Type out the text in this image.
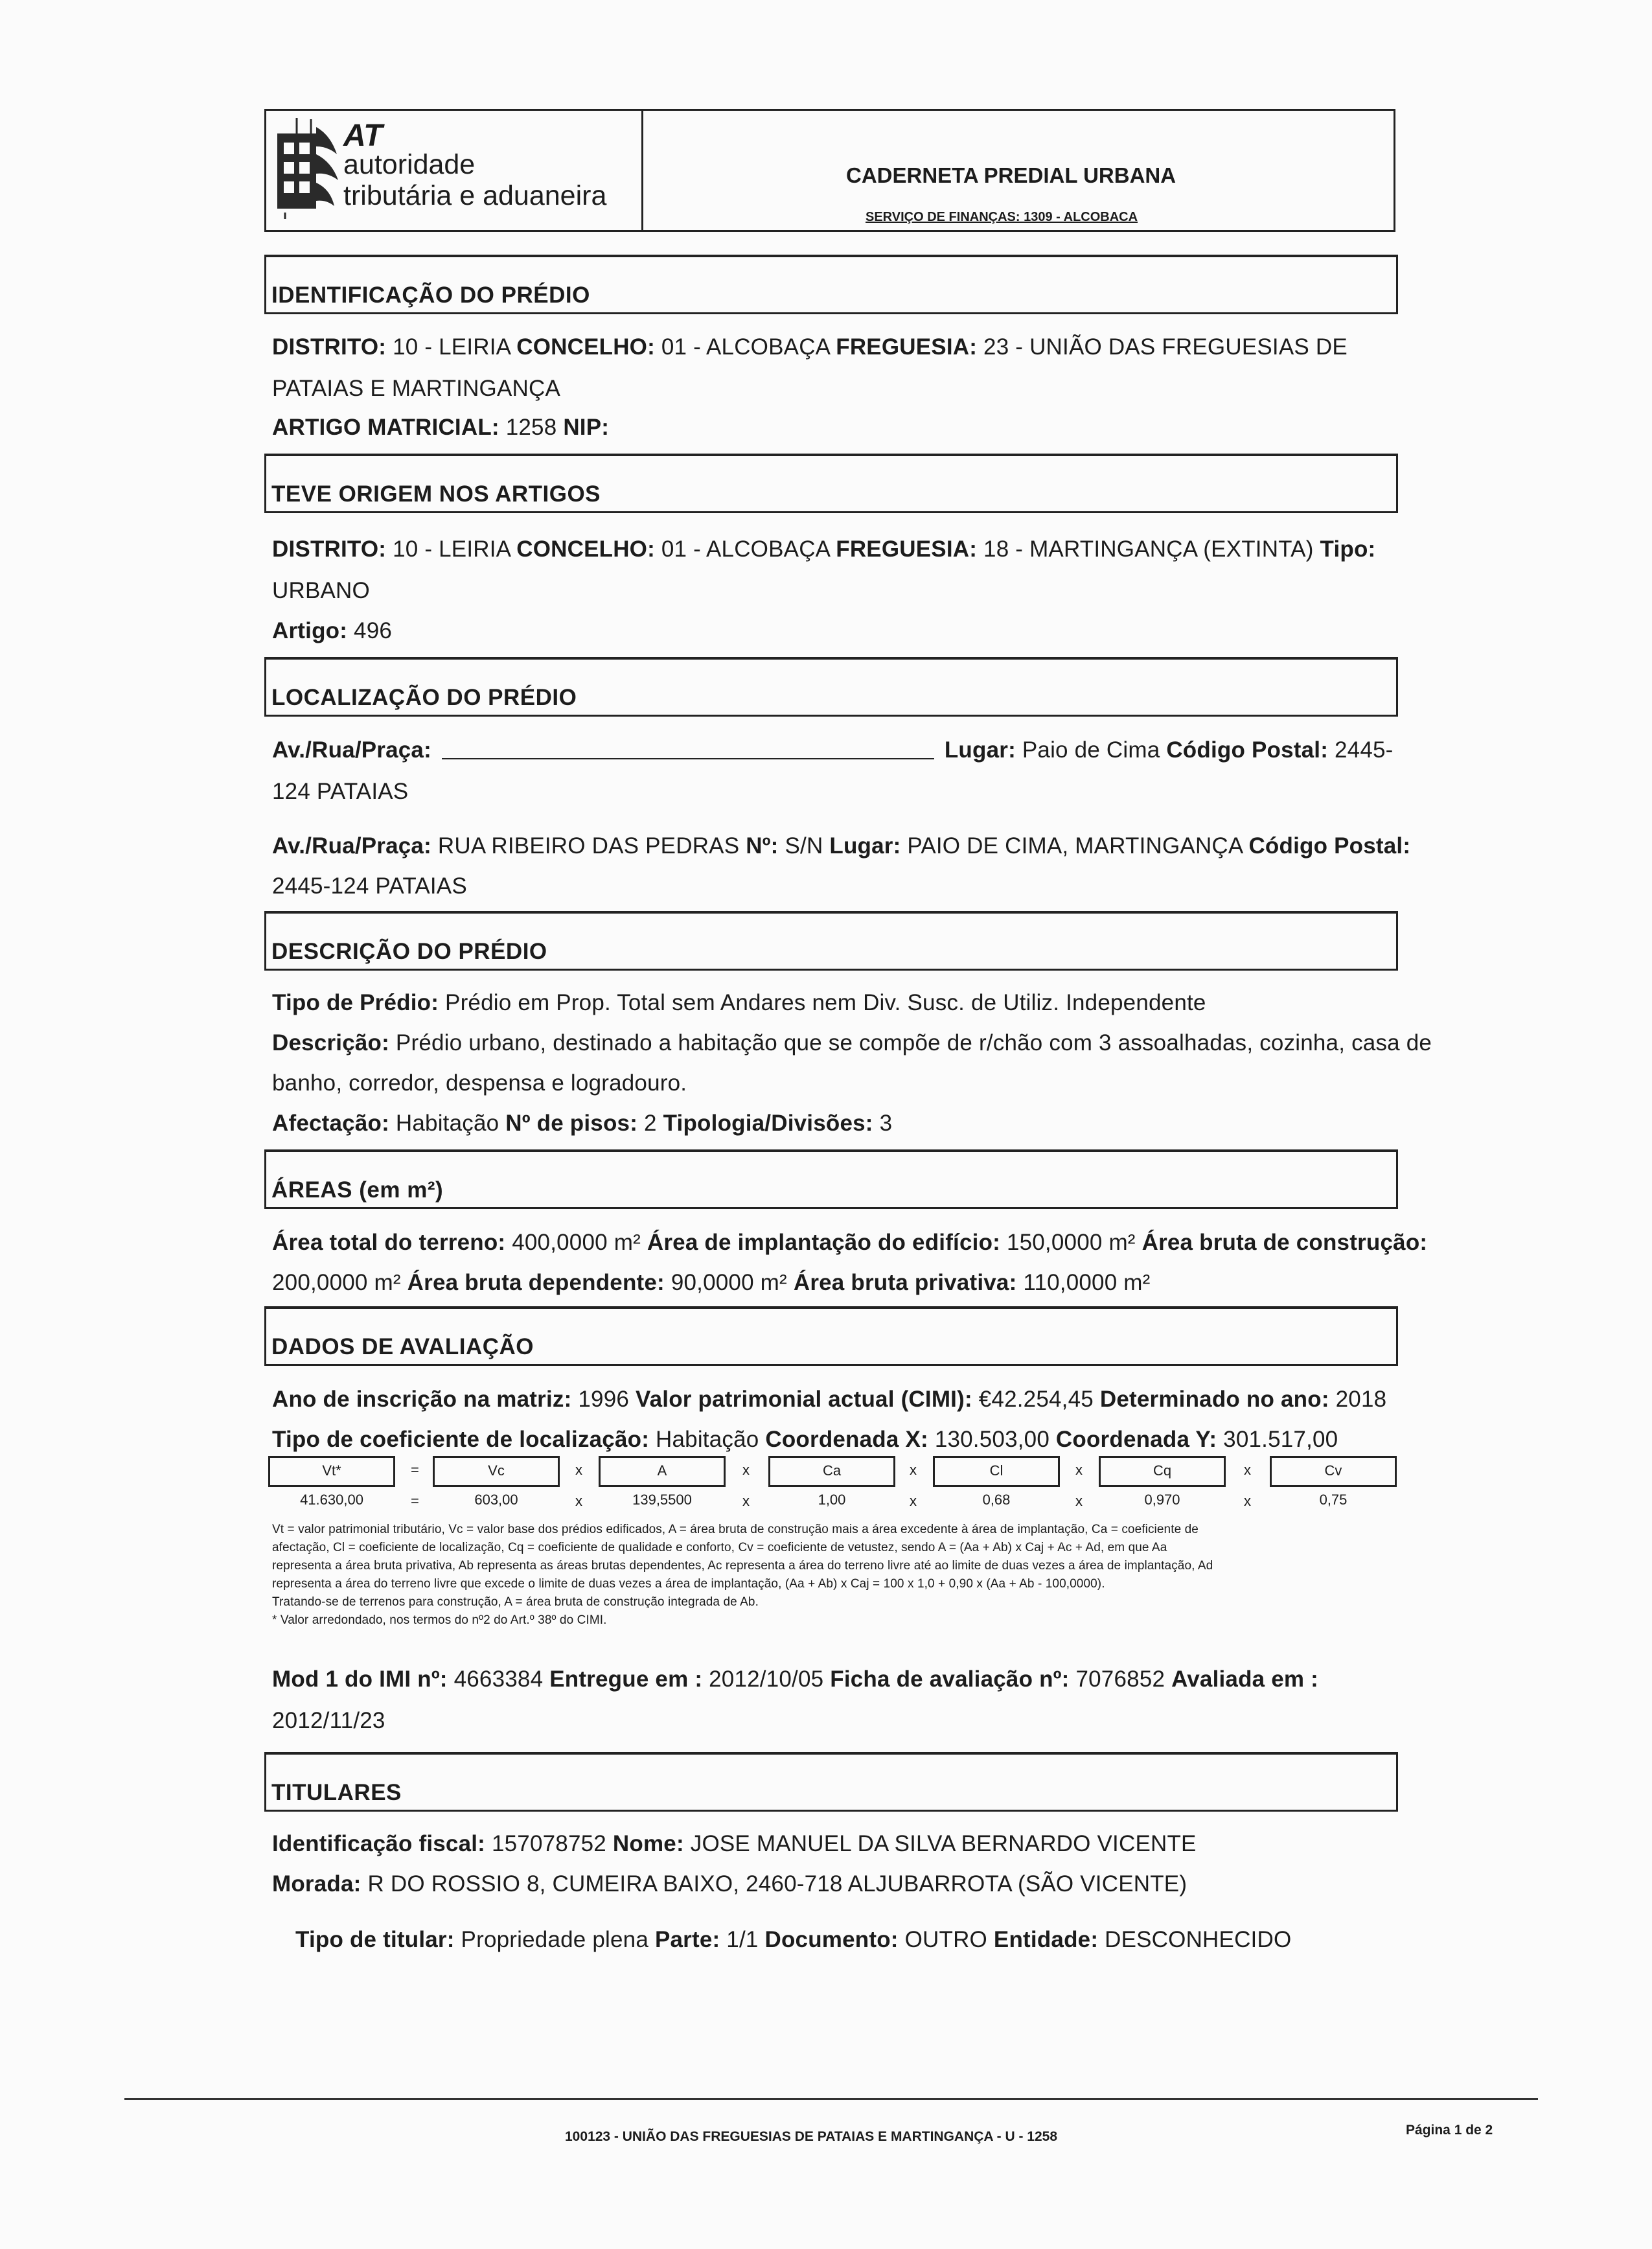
AT
autoridade
tributária e aduaneira
CADERNETA PREDIAL URBANA
SERVIÇO DE FINANÇAS: 1309 - ALCOBACA
IDENTIFICAÇÃO DO PRÉDIO
DISTRITO: 10 - LEIRIA CONCELHO: 01 - ALCOBAÇA FREGUESIA: 23 - UNIÃO DAS FREGUESIAS DE
PATAIAS E MARTINGANÇA
ARTIGO MATRICIAL: 1258 NIP:
TEVE ORIGEM NOS ARTIGOS
DISTRITO: 10 - LEIRIA CONCELHO: 01 - ALCOBAÇA FREGUESIA: 18 - MARTINGANÇA (EXTINTA) Tipo:
URBANO
Artigo: 496
LOCALIZAÇÃO DO PRÉDIO
Av./Rua/Praça:	Lugar: Paio de Cima Código Postal: 2445-
124 PATAIAS
Av./Rua/Praça: RUA RIBEIRO DAS PEDRAS Nº: S/N Lugar: PAIO DE CIMA, MARTINGANÇA Código Postal:
2445-124 PATAIAS
DESCRIÇÃO DO PRÉDIO
Tipo de Prédio: Prédio em Prop. Total sem Andares nem Div. Susc. de Utiliz. Independente
Descrição: Prédio urbano, destinado a habitação que se compõe de r/chão com 3 assoalhadas, cozinha, casa de
banho, corredor, despensa e logradouro.
Afectação: Habitação Nº de pisos: 2 Tipologia/Divisões: 3
ÁREAS (em m²)
Área total do terreno: 400,0000 m² Área de implantação do edifício: 150,0000 m² Área bruta de construção:
200,0000 m² Área bruta dependente: 90,0000 m² Área bruta privativa: 110,0000 m²
DADOS DE AVALIAÇÃO
Ano de inscrição na matriz: 1996 Valor patrimonial actual (CIMI): €42.254,45 Determinado no ano: 2018
Tipo de coeficiente de localização: Habitação Coordenada X: 130.503,00 Coordenada Y: 301.517,00
Vt*	=	Vc	x	A	x	Ca	x	Cl	x	Cq	x	Cv
41.630,00	=	603,00	x	139,5500	x	1,00	x	0,68	x	0,970	x	0,75
Vt = valor patrimonial tributário, Vc = valor base dos prédios edificados, A = área bruta de construção mais a área excedente à área de implantação, Ca = coeficiente de
afectação, Cl = coeficiente de localização, Cq = coeficiente de qualidade e conforto, Cv = coeficiente de vetustez, sendo A = (Aa + Ab) x Caj + Ac + Ad, em que Aa
representa a área bruta privativa, Ab representa as áreas brutas dependentes, Ac representa a área do terreno livre até ao limite de duas vezes a área de implantação, Ad
representa a área do terreno livre que excede o limite de duas vezes a área de implantação, (Aa + Ab) x Caj = 100 x 1,0 + 0,90 x (Aa + Ab - 100,0000).
Tratando-se de terrenos para construção, A = área bruta de construção integrada de Ab.
* Valor arredondado, nos termos do nº2 do Art.º 38º do CIMI.
Mod 1 do IMI nº: 4663384 Entregue em : 2012/10/05 Ficha de avaliação nº: 7076852 Avaliada em :
2012/11/23
TITULARES
Identificação fiscal: 157078752 Nome: JOSE MANUEL DA SILVA BERNARDO VICENTE
Morada: R DO ROSSIO 8, CUMEIRA BAIXO, 2460-718 ALJUBARROTA (SÃO VICENTE)
Tipo de titular: Propriedade plena Parte: 1/1 Documento: OUTRO Entidade: DESCONHECIDO
100123 - UNIÃO DAS FREGUESIAS DE PATAIAS E MARTINGANÇA - U - 1258	Página 1 de 2
